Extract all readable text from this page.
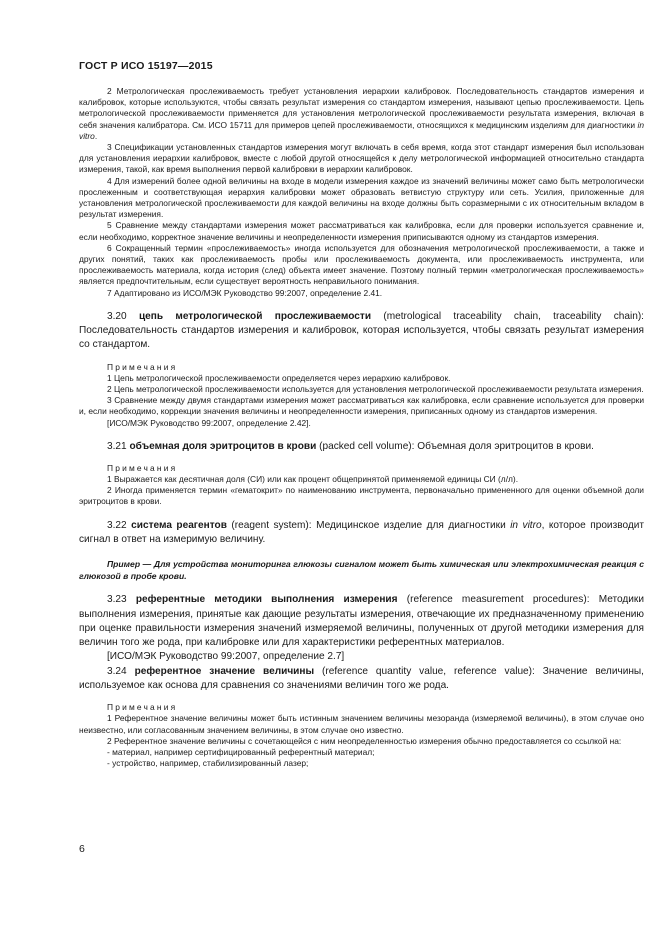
ГОСТ Р ИСО 15197—2015

2 Метрологическая прослеживаемость требует установления иерархии калибровок. Последовательность стандартов измерения и калибровок, которые используются, чтобы связать результат измерения со стандартом измерения, называют цепью прослеживаемости. Цепь метрологической прослеживаемости применяется для установления метрологической прослеживаемости результата измерения, включая в себя значения калибратора. См. ИСО 15711 для примеров цепей прослеживаемости, относящихся к медицинским изделиям для диагностики in vitro.

3 Спецификации установленных стандартов измерения могут включать в себя время, когда этот стандарт измерения был использован для установления иерархии калибровок, вместе с любой другой относящейся к делу метрологической информацией относительно стандарта измерения, такой, как время выполнения первой калибровки в иерархии калибровок.

4 Для измерений более одной величины на входе в модели измерения каждое из значений величины может само быть метрологически прослеженным и соответствующая иерархия калибровки может образовать ветвистую структуру или сеть. Усилия, приложенные для установления метрологической прослеживаемости для каждой величины на входе должны быть соразмерными с их относительным вкладом в результат измерения.

5 Сравнение между стандартами измерения может рассматриваться как калибровка, если для проверки используется сравнение и, если необходимо, корректное значение величины и неопределенности измерения приписываются одному из стандартов измерения.

6 Сокращенный термин «прослеживаемость» иногда используется для обозначения метрологической прослеживаемости, а также и других понятий, таких как прослеживаемость пробы или прослеживаемость документа, или прослеживаемость инструмента, или прослеживаемость материала, когда история (след) объекта имеет значение. Поэтому полный термин «метрологическая прослеживаемость» является предпочтительным, если существует вероятность неправильного понимания.

7 Адаптировано из ИСО/МЭК Руководство 99:2007, определение 2.41.

3.20 цепь метрологической прослеживаемости (metrological traceability chain, traceability chain): Последовательность стандартов измерения и калибровок, которая используется, чтобы связать результат измерения со стандартом.

Примечания

1 Цепь метрологической прослеживаемости определяется через иерархию калибровок.

2 Цепь метрологической прослеживаемости используется для установления метрологической прослеживаемости результата измерения.

3 Сравнение между двумя стандартами измерения может рассматриваться как калибровка, если сравнение используется для проверки и, если необходимо, коррекции значения величины и неопределенности измерения, приписанных одному из стандартов измерения.

[ИСО/МЭК Руководство 99:2007, определение 2.42].

3.21 объемная доля эритроцитов в крови (packed cell volume): Объемная доля эритроцитов в крови.

Примечания

1 Выражается как десятичная доля (СИ) или как процент общепринятой применяемой единицы СИ (л/л).

2 Иногда применяется термин «гематокрит» по наименованию инструмента, первоначально примененного для оценки объемной доли эритроцитов в крови.

3.22 система реагентов (reagent system): Медицинское изделие для диагностики in vitro, которое производит сигнал в ответ на измеримую величину.

Пример — Для устройства мониторинга глюкозы сигналом может быть химическая или электрохимическая реакция с глюкозой в пробе крови.

3.23 референтные методики выполнения измерения (reference measurement procedures): Методики выполнения измерения, принятые как дающие результаты измерения, отвечающие их предназначенному применению при оценке правильности измерения значений измеряемой величины, полученных от другой методики измерения для величин того же рода, при калибровке или для характеристики референтных материалов.

[ИСО/МЭК Руководство 99:2007, определение 2.7]

3.24 референтное значение величины (reference quantity value, reference value): Значение величины, используемое как основа для сравнения со значениями величин того же рода.

Примечания

1 Референтное значение величины может быть истинным значением величины мезоранда (измеряемой величины), в этом случае оно неизвестно, или согласованным значением величины, в этом случае оно известно.

2 Референтное значение величины с сочетающейся с ним неопределенностью измерения обычно предоставляется со ссылкой на:

- материал, например сертифицированный референтный материал;

- устройство, например, стабилизированный лазер;

6
